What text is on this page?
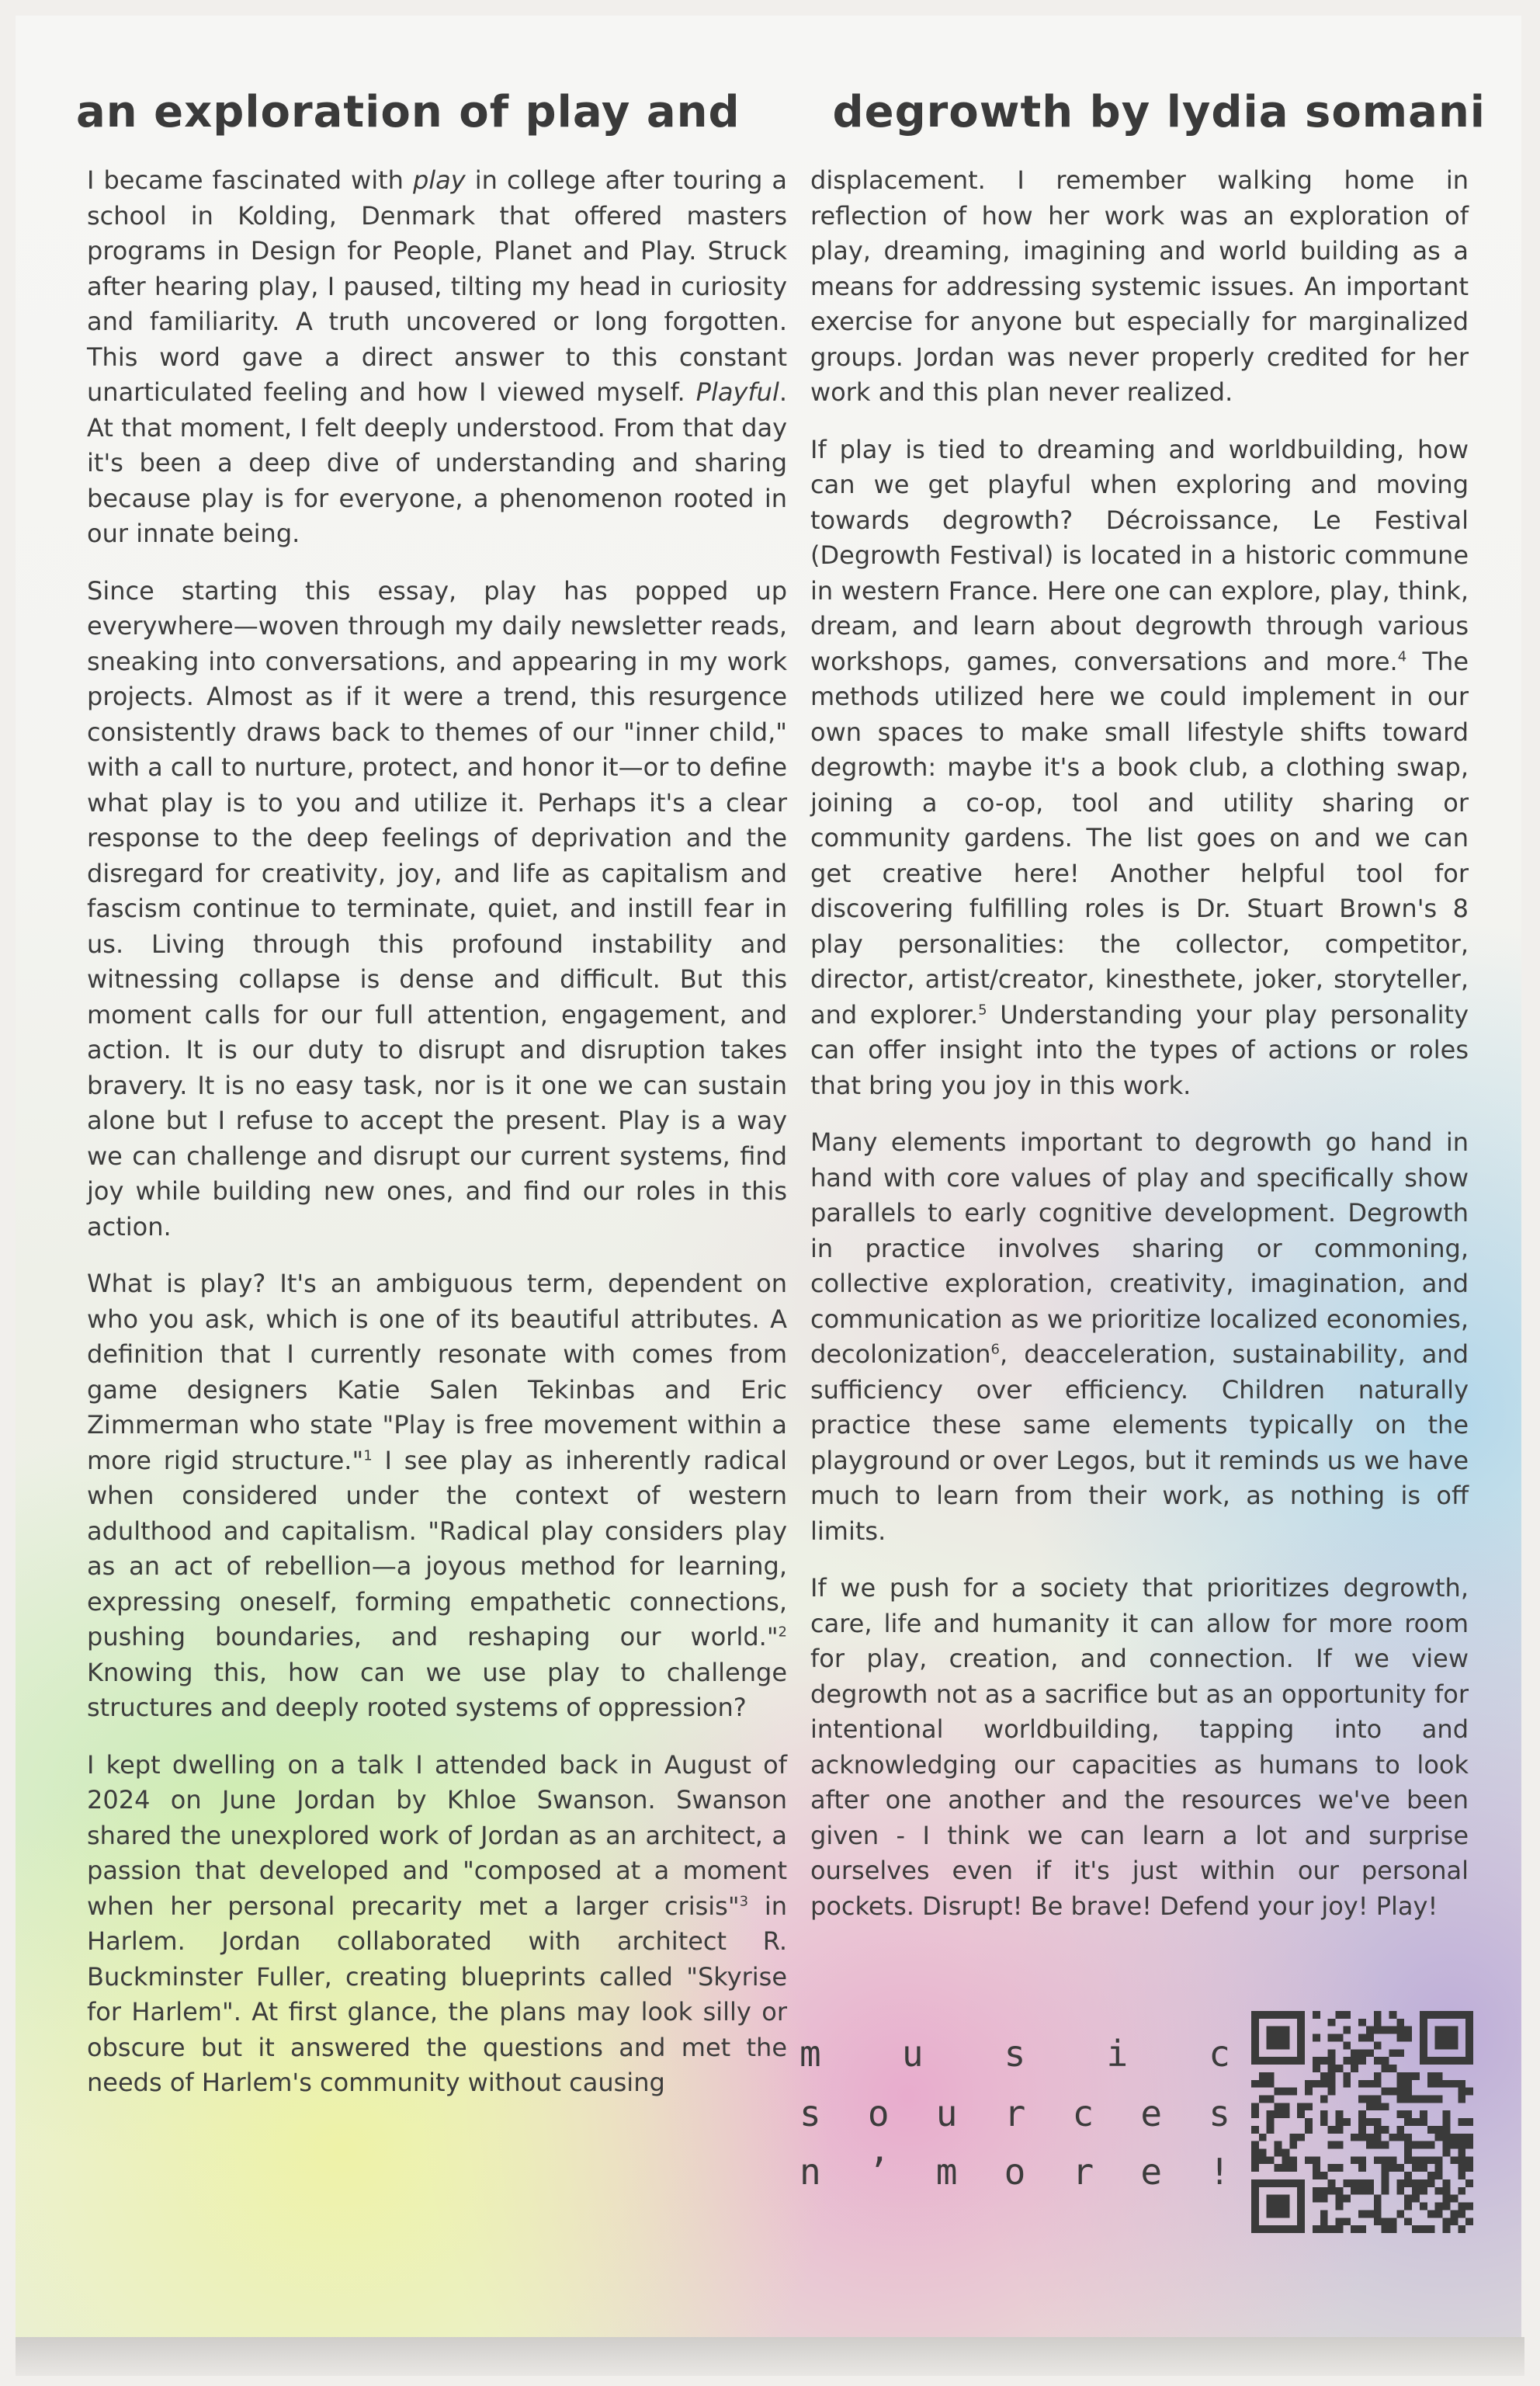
an exploration of play and degrowth by lydia somani

I became fascinated with play in college after touring a school in Kolding, Denmark that offered masters programs in Design for People, Planet and Play. Struck after hearing play, I paused, tilting my head in curiosity and familiarity. A truth uncovered or long forgotten. This word gave a direct answer to this constant unarticulated feeling and how I viewed myself. Playful. At that moment, I felt deeply understood. From that day it's been a deep dive of understanding and sharing because play is for everyone, a phenomenon rooted in our innate being.

Since starting this essay, play has popped up everywhere—woven through my daily newsletter reads, sneaking into conversations, and appearing in my work projects. Almost as if it were a trend, this resurgence consistently draws back to themes of our "inner child," with a call to nurture, protect, and honor it—or to define what play is to you and utilize it. Perhaps it's a clear response to the deep feelings of deprivation and the disregard for creativity, joy, and life as capitalism and fascism continue to terminate, quiet, and instill fear in us. Living through this profound instability and witnessing collapse is dense and difficult. But this moment calls for our full attention, engagement, and action. It is our duty to disrupt and disruption takes bravery. It is no easy task, nor is it one we can sustain alone but I refuse to accept the present. Play is a way we can challenge and disrupt our current systems, find joy while building new ones, and find our roles in this action.

What is play? It's an ambiguous term, dependent on who you ask, which is one of its beautiful attributes. A definition that I currently resonate with comes from game designers Katie Salen Tekinbas and Eric Zimmerman who state "Play is free movement within a more rigid structure."$^1$ I see play as inherently radical when considered under the context of western adulthood and capitalism. "Radical play considers play as an act of rebellion—a joyous method for learning, expressing oneself, forming empathetic connections, pushing boundaries, and reshaping our world."$^2$ Knowing this, how can we use play to challenge structures and deeply rooted systems of oppression?

I kept dwelling on a talk I attended back in August of 2024 on June Jordan by Khloe Swanson. Swanson shared the unexplored work of Jordan as an architect, a passion that developed and "composed at a moment when her personal precarity met a larger crisis"$^3$ in Harlem. Jordan collaborated with architect R. Buckminster Fuller, creating blueprints called "Skyrise for Harlem". At first glance, the plans may look silly or obscure but it answered the questions and met the needs of Harlem's community without causing

displacement. I remember walking home in reflection of how her work was an exploration of play, dreaming, imagining and world building as a means for addressing systemic issues. An important exercise for anyone but especially for marginalized groups. Jordan was never properly credited for her work and this plan never realized.

If play is tied to dreaming and worldbuilding, how can we get playful when exploring and moving towards degrowth? Décroissance, Le Festival (Degrowth Festival) is located in a historic commune in western France. Here one can explore, play, think, dream, and learn about degrowth through various workshops, games, conversations and more.$^4$ The methods utilized here we could implement in our own spaces to make small lifestyle shifts toward degrowth: maybe it's a book club, a clothing swap, joining a co-op, tool and utility sharing or community gardens. The list goes on and we can get creative here! Another helpful tool for discovering fulfilling roles is Dr. Stuart Brown's 8 play personalities: the collector, competitor, director, artist/creator, kinesthete, joker, storyteller, and explorer.$^5$ Understanding your play personality can offer insight into the types of actions or roles that bring you joy in this work.

Many elements important to degrowth go hand in hand with core values of play and specifically show parallels to early cognitive development. Degrowth in practice involves sharing or commoning, collective exploration, creativity, imagination, and communication as we prioritize localized economies, decolonization$^6$, deacceleration, sustainability, and sufficiency over efficiency. Children naturally practice these same elements typically on the playground or over Legos, but it reminds us we have much to learn from their work, as nothing is off limits.

If we push for a society that prioritizes degrowth, care, life and humanity it can allow for more room for play, creation, and connection. If we view degrowth not as a sacrifice but as an opportunity for intentional worldbuilding, tapping into and acknowledging our capacities as humans to look after one another and the resources we've been given - I think we can learn a lot and surprise ourselves even if it's just within our personal pockets. Disrupt! Be brave! Defend your joy! Play!

m u s i c
s o u r c e s
n ’ m o r e !
